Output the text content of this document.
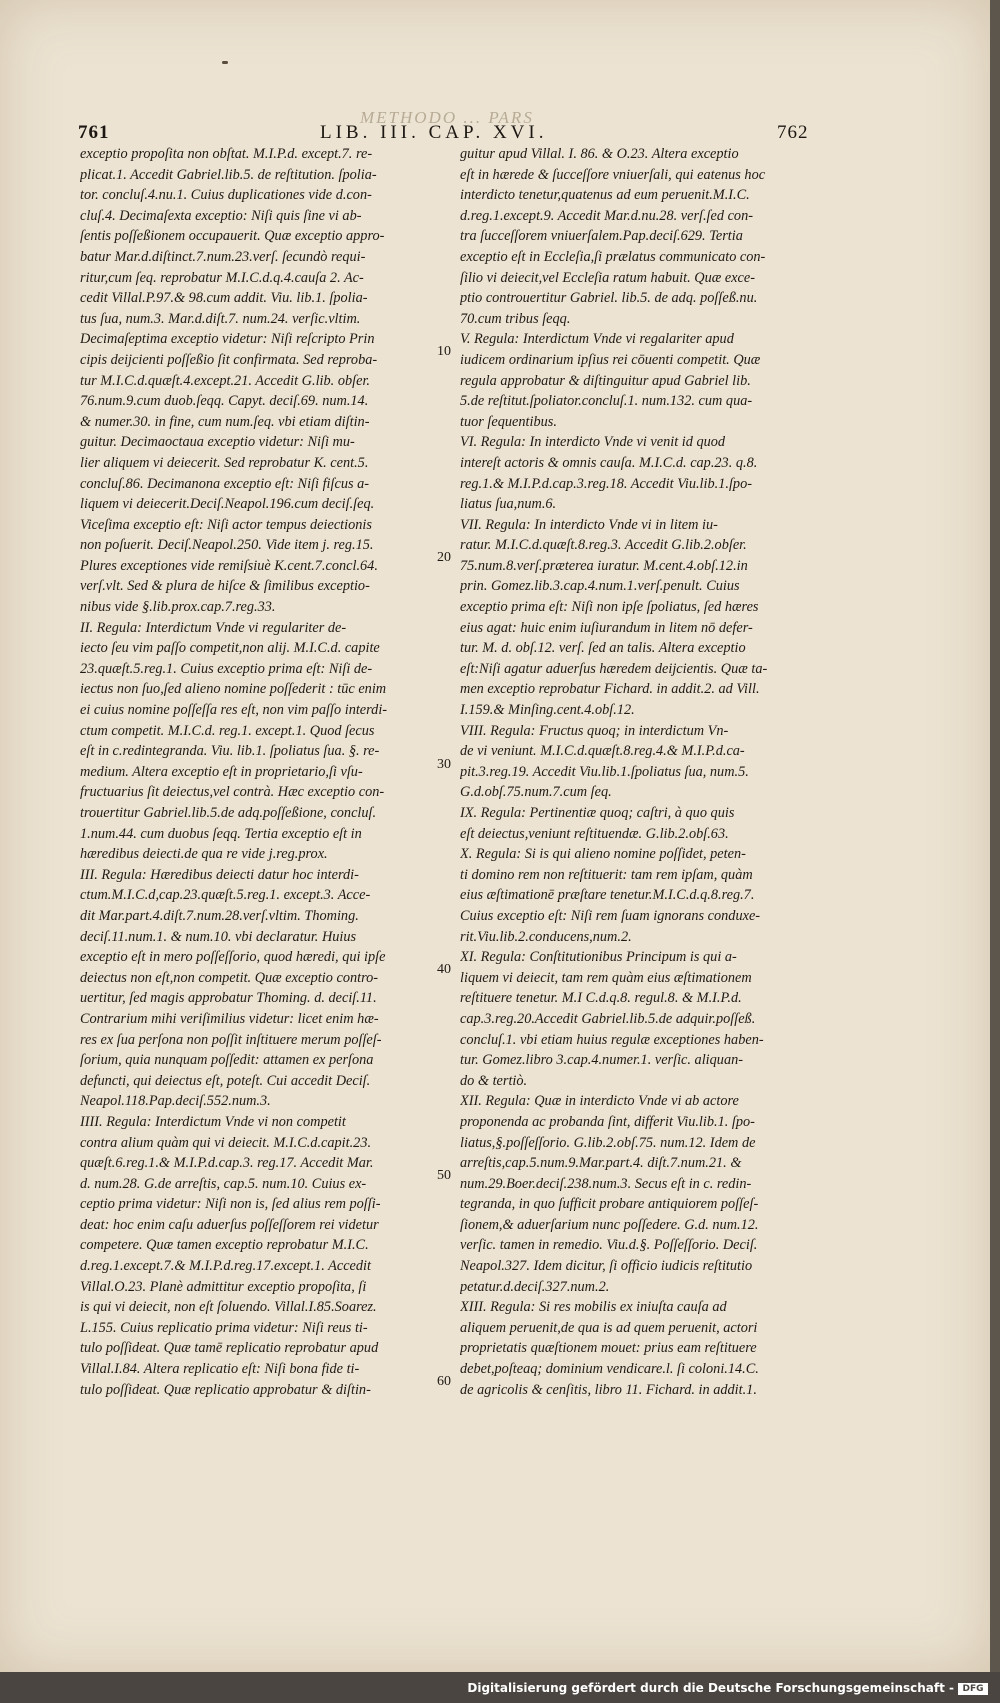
METHODO ... PARS
761	LIB. III. CAP. XVI.	762
exceptio propoſita non obſtat. M.I.P.d. except.7. re-
plicat.1. Accedit Gabriel.lib.5. de reſtitution. ſpolia-
tor. concluſ.4.nu.1. Cuius duplicationes vide d.con-
cluſ.4. Decimaſexta exceptio: Niſi quis ſine vi ab-
ſentis poſſeßionem occupauerit. Quæ exceptio appro-
batur Mar.d.diſtinct.7.num.23.verſ. ſecundò requi-
ritur,cum ſeq. reprobatur M.I.C.d.q.4.cauſa 2. Ac-
cedit Villal.P.97.& 98.cum addit. Viu. lib.1. ſpolia-
tus ſua, num.3. Mar.d.diſt.7. num.24. verſic.vltim.
Decimaſeptima exceptio videtur: Niſi reſcripto Prin
cipis deijcienti poſſeßio ſit confirmata. Sed reproba-
tur M.I.C.d.quæſt.4.except.21. Accedit G.lib. obſer.
76.num.9.cum duob.ſeqq. Capyt. deciſ.69. num.14.
& numer.30. in fine, cum num.ſeq. vbi etiam diſtin-
guitur. Decimaoctaua exceptio videtur: Niſi mu-
lier aliquem vi deiecerit. Sed reprobatur K. cent.5.
concluſ.86. Decimanona exceptio eſt: Niſi fiſcus a-
liquem vi deiecerit.Deciſ.Neapol.196.cum deciſ.ſeq.
Viceſima exceptio eſt: Niſi actor tempus deiectionis
non poſuerit. Deciſ.Neapol.250. Vide item j. reg.15.
Plures exceptiones vide remiſsiuè K.cent.7.concl.64.
verſ.vlt. Sed & plura de hiſce & ſimilibus exceptio-
nibus vide §.lib.prox.cap.7.reg.33.
II. Regula: Interdictum Vnde vi regulariter de-
iecto ſeu vim paſſo competit,non alij. M.I.C.d. capite
23.quæſt.5.reg.1. Cuius exceptio prima eſt: Niſi de-
iectus non ſuo,ſed alieno nomine poſſederit : tūc enim
ei cuius nomine poſſeſſa res eſt, non vim paſſo interdi-
ctum competit. M.I.C.d. reg.1. except.1. Quod ſecus
eſt in c.redintegranda. Viu. lib.1. ſpoliatus ſua. §. re-
medium. Altera exceptio eſt in proprietario,ſi vſu-
fructuarius ſit deiectus,vel contrà. Hæc exceptio con-
trouertitur Gabriel.lib.5.de adq.poſſeßione, concluſ.
1.num.44. cum duobus ſeqq. Tertia exceptio eſt in
hæredibus deiecti.de qua re vide j.reg.prox.
III. Regula: Hæredibus deiecti datur hoc interdi-
ctum.M.I.C.d,cap.23.quæſt.5.reg.1. except.3. Acce-
dit Mar.part.4.diſt.7.num.28.verſ.vltim. Thoming.
deciſ.11.num.1. & num.10. vbi declaratur. Huius
exceptio eſt in mero poſſeſſorio, quod hæredi, qui ipſe
deiectus non eſt,non competit. Quæ exceptio contro-
uertitur, ſed magis approbatur Thoming. d. deciſ.11.
Contrarium mihi veriſimilius videtur: licet enim hæ-
res ex ſua perſona non poſſit inſtituere merum poſſeſ-
ſorium, quia nunquam poſſedit: attamen ex perſona
defuncti, qui deiectus eſt, poteſt. Cui accedit Deciſ.
Neapol.118.Pap.deciſ.552.num.3.
IIII. Regula: Interdictum Vnde vi non competit
contra alium quàm qui vi deiecit. M.I.C.d.capit.23.
quæſt.6.reg.1.& M.I.P.d.cap.3. reg.17. Accedit Mar.
d. num.28. G.de arreſtis, cap.5. num.10. Cuius ex-
ceptio prima videtur: Niſi non is, ſed alius rem poſſi-
deat: hoc enim caſu aduerſus poſſeſſorem rei videtur
competere. Quæ tamen exceptio reprobatur M.I.C.
d.reg.1.except.7.& M.I.P.d.reg.17.except.1. Accedit
Villal.O.23. Planè admittitur exceptio propoſita, ſi
is qui vi deiecit, non eſt ſoluendo. Villal.I.85.Soarez.
L.155. Cuius replicatio prima videtur: Niſi reus ti-
tulo poſſideat. Quæ tamē replicatio reprobatur apud
Villal.I.84. Altera replicatio eſt: Niſi bona fide ti-
tulo poſſideat. Quæ replicatio approbatur & diſtin-
guitur apud Villal. I. 86. & O.23. Altera exceptio
eſt in hærede & ſucceſſore vniuerſali, qui eatenus hoc
interdicto tenetur,quatenus ad eum peruenit.M.I.C.
d.reg.1.except.9. Accedit Mar.d.nu.28. verſ.ſed con-
tra ſucceſſorem vniuerſalem.Pap.deciſ.629. Tertia
exceptio eſt in Eccleſia,ſi prælatus communicato con-
ſilio vi deiecit,vel Eccleſia ratum habuit. Quæ exce-
ptio controuertitur Gabriel. lib.5. de adq. poſſeß.nu.
70.cum tribus ſeqq.
V. Regula: Interdictum Vnde vi regalariter apud
iudicem ordinarium ipſius rei cōuenti competit. Quæ
regula approbatur & diſtinguitur apud Gabriel lib.
5.de reſtitut.ſpoliator.concluſ.1. num.132. cum qua-
tuor ſequentibus.
VI. Regula: In interdicto Vnde vi venit id quod
intereſt actoris & omnis cauſa. M.I.C.d. cap.23. q.8.
reg.1.& M.I.P.d.cap.3.reg.18. Accedit Viu.lib.1.ſpo-
liatus ſua,num.6.
VII. Regula: In interdicto Vnde vi in litem iu-
ratur. M.I.C.d.quæſt.8.reg.3. Accedit G.lib.2.obſer.
75.num.8.verſ.præterea iuratur. M.cent.4.obſ.12.in
prin. Gomez.lib.3.cap.4.num.1.verſ.penult. Cuius
exceptio prima eſt: Niſi non ipſe ſpoliatus, ſed hæres
eius agat: huic enim iuſiurandum in litem nō defer-
tur. M. d. obſ.12. verſ. ſed an talis. Altera exceptio
eſt:Niſi agatur aduerſus hæredem deijcientis. Quæ ta-
men exceptio reprobatur Fichard. in addit.2. ad Vill.
I.159.& Minſing.cent.4.obſ.12.
VIII. Regula: Fructus quoq; in interdictum Vn-
de vi veniunt. M.I.C.d.quæſt.8.reg.4.& M.I.P.d.ca-
pit.3.reg.19. Accedit Viu.lib.1.ſpoliatus ſua, num.5.
G.d.obſ.75.num.7.cum ſeq.
IX. Regula: Pertinentiæ quoq; caſtri, à quo quis
eſt deiectus,veniunt reſtituendæ. G.lib.2.obſ.63.
X. Regula: Si is qui alieno nomine poſſidet, peten-
ti domino rem non reſtituerit: tam rem ipſam, quàm
eius æſtimationē præſtare tenetur.M.I.C.d.q.8.reg.7.
Cuius exceptio eſt: Niſi rem ſuam ignorans conduxe-
rit.Viu.lib.2.conducens,num.2.
XI. Regula: Conſtitutionibus Principum is qui a-
liquem vi deiecit, tam rem quàm eius æſtimationem
reſtituere tenetur. M.I C.d.q.8. regul.8. & M.I.P.d.
cap.3.reg.20.Accedit Gabriel.lib.5.de adquir.poſſeß.
concluſ.1. vbi etiam huius regulæ exceptiones haben-
tur. Gomez.libro 3.cap.4.numer.1. verſic. aliquan-
do & tertiò.
XII. Regula: Quæ in interdicto Vnde vi ab actore
proponenda ac probanda ſint, differit Viu.lib.1. ſpo-
liatus,§.poſſeſſorio. G.lib.2.obſ.75. num.12. Idem de
arreſtis,cap.5.num.9.Mar.part.4. diſt.7.num.21. &
num.29.Boer.deciſ.238.num.3. Secus eſt in c. redin-
tegranda, in quo ſufficit probare antiquiorem poſſeſ-
ſionem,& aduerſarium nunc poſſedere. G.d. num.12.
verſic. tamen in remedio. Viu.d.§. Poſſeſſorio. Deciſ.
Neapol.327. Idem dicitur, ſi officio iudicis reſtitutio
petatur.d.deciſ.327.num.2.
XIII. Regula: Si res mobilis ex iniuſta cauſa ad
aliquem peruenit,de qua is ad quem peruenit, actori
proprietatis quæſtionem mouet: prius eam reſtituere
debet,poſteaq; dominium vendicare.l. ſi coloni.14.C.
de agricolis & cenſitis, libro 11. Fichard. in addit.1.
10
20
30
40
50
60
Digitalisierung gefördert durch die Deutsche Forschungsgemeinschaft - DFG
